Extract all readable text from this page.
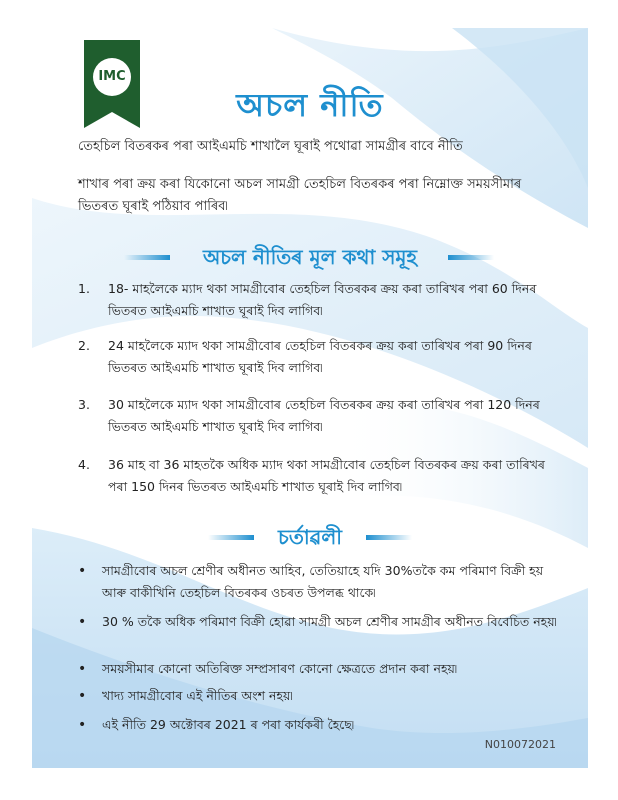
IMC
অচল নীতি
তেহচিল বিতৰকৰ পৰা আইএমচি শাখালৈ ঘূৰাই পথোৱা সামগ্ৰীৰ বাবে নীতি
শাখাৰ পৰা ক্ৰয় কৰা যিকোনো অচল সামগ্ৰী তেহচিল বিতৰকৰ পৰা নিম্নোক্ত সময়সীমাৰ ভিতৰত ঘূৰাই পঠিয়াব পাৰিব৷
অচল নীতিৰ মূল কথা সমূহ
1. 18- মাহলৈকে ম্যাদ থকা সামগ্ৰীবোৰ তেহচিল বিতৰকৰ ক্ৰয় কৰা তাৰিখৰ পৰা 60 দিনৰ ভিতৰত আইএমচি শাখাত ঘূৰাই দিব লাগিব৷
2. 24 মাহলৈকে ম্যাদ থকা সামগ্ৰীবোৰ তেহচিল বিতৰকৰ ক্ৰয় কৰা তাৰিখৰ পৰা 90 দিনৰ ভিতৰত আইএমচি শাখাত ঘূৰাই দিব লাগিব৷
3. 30 মাহলৈকে ম্যাদ থকা সামগ্ৰীবোৰ তেহচিল বিতৰকৰ ক্ৰয় কৰা তাৰিখৰ পৰা 120 দিনৰ ভিতৰত আইএমচি শাখাত ঘূৰাই দিব লাগিব৷
4. 36 মাহ বা 36 মাহতকৈ অধিক ম্যাদ থকা সামগ্ৰীবোৰ তেহচিল বিতৰকৰ ক্ৰয় কৰা তাৰিখৰ পৰা 150 দিনৰ ভিতৰত আইএমচি শাখাত ঘূৰাই দিব লাগিব৷
চৰ্তাৱলী
• সামগ্ৰীবোৰ অচল শ্ৰেণীৰ অধীনত আহিব, তেতিয়াহে যদি 30%তকৈ কম পৰিমাণ বিক্ৰী হয় আৰু বাকীখিনি তেহচিল বিতৰকৰ ওচৰত উপলব্ধ থাকে৷
• 30 % তকৈ অধিক পৰিমাণ বিক্ৰী হোৱা সামগ্ৰী অচল শ্ৰেণীৰ সামগ্ৰীৰ অধীনত বিবেচিত নহয়৷
• সময়সীমাৰ কোনো অতিৰিক্ত সম্প্ৰসাৰণ কোনো ক্ষেত্ৰতে প্ৰদান কৰা নহয়৷
• খাদ্য সামগ্ৰীবোৰ এই নীতিৰ অংশ নহয়৷
• এই নীতি 29 অক্টোবৰ 2021 ৰ পৰা কাৰ্যকৰী হৈছে৷
N010072021
